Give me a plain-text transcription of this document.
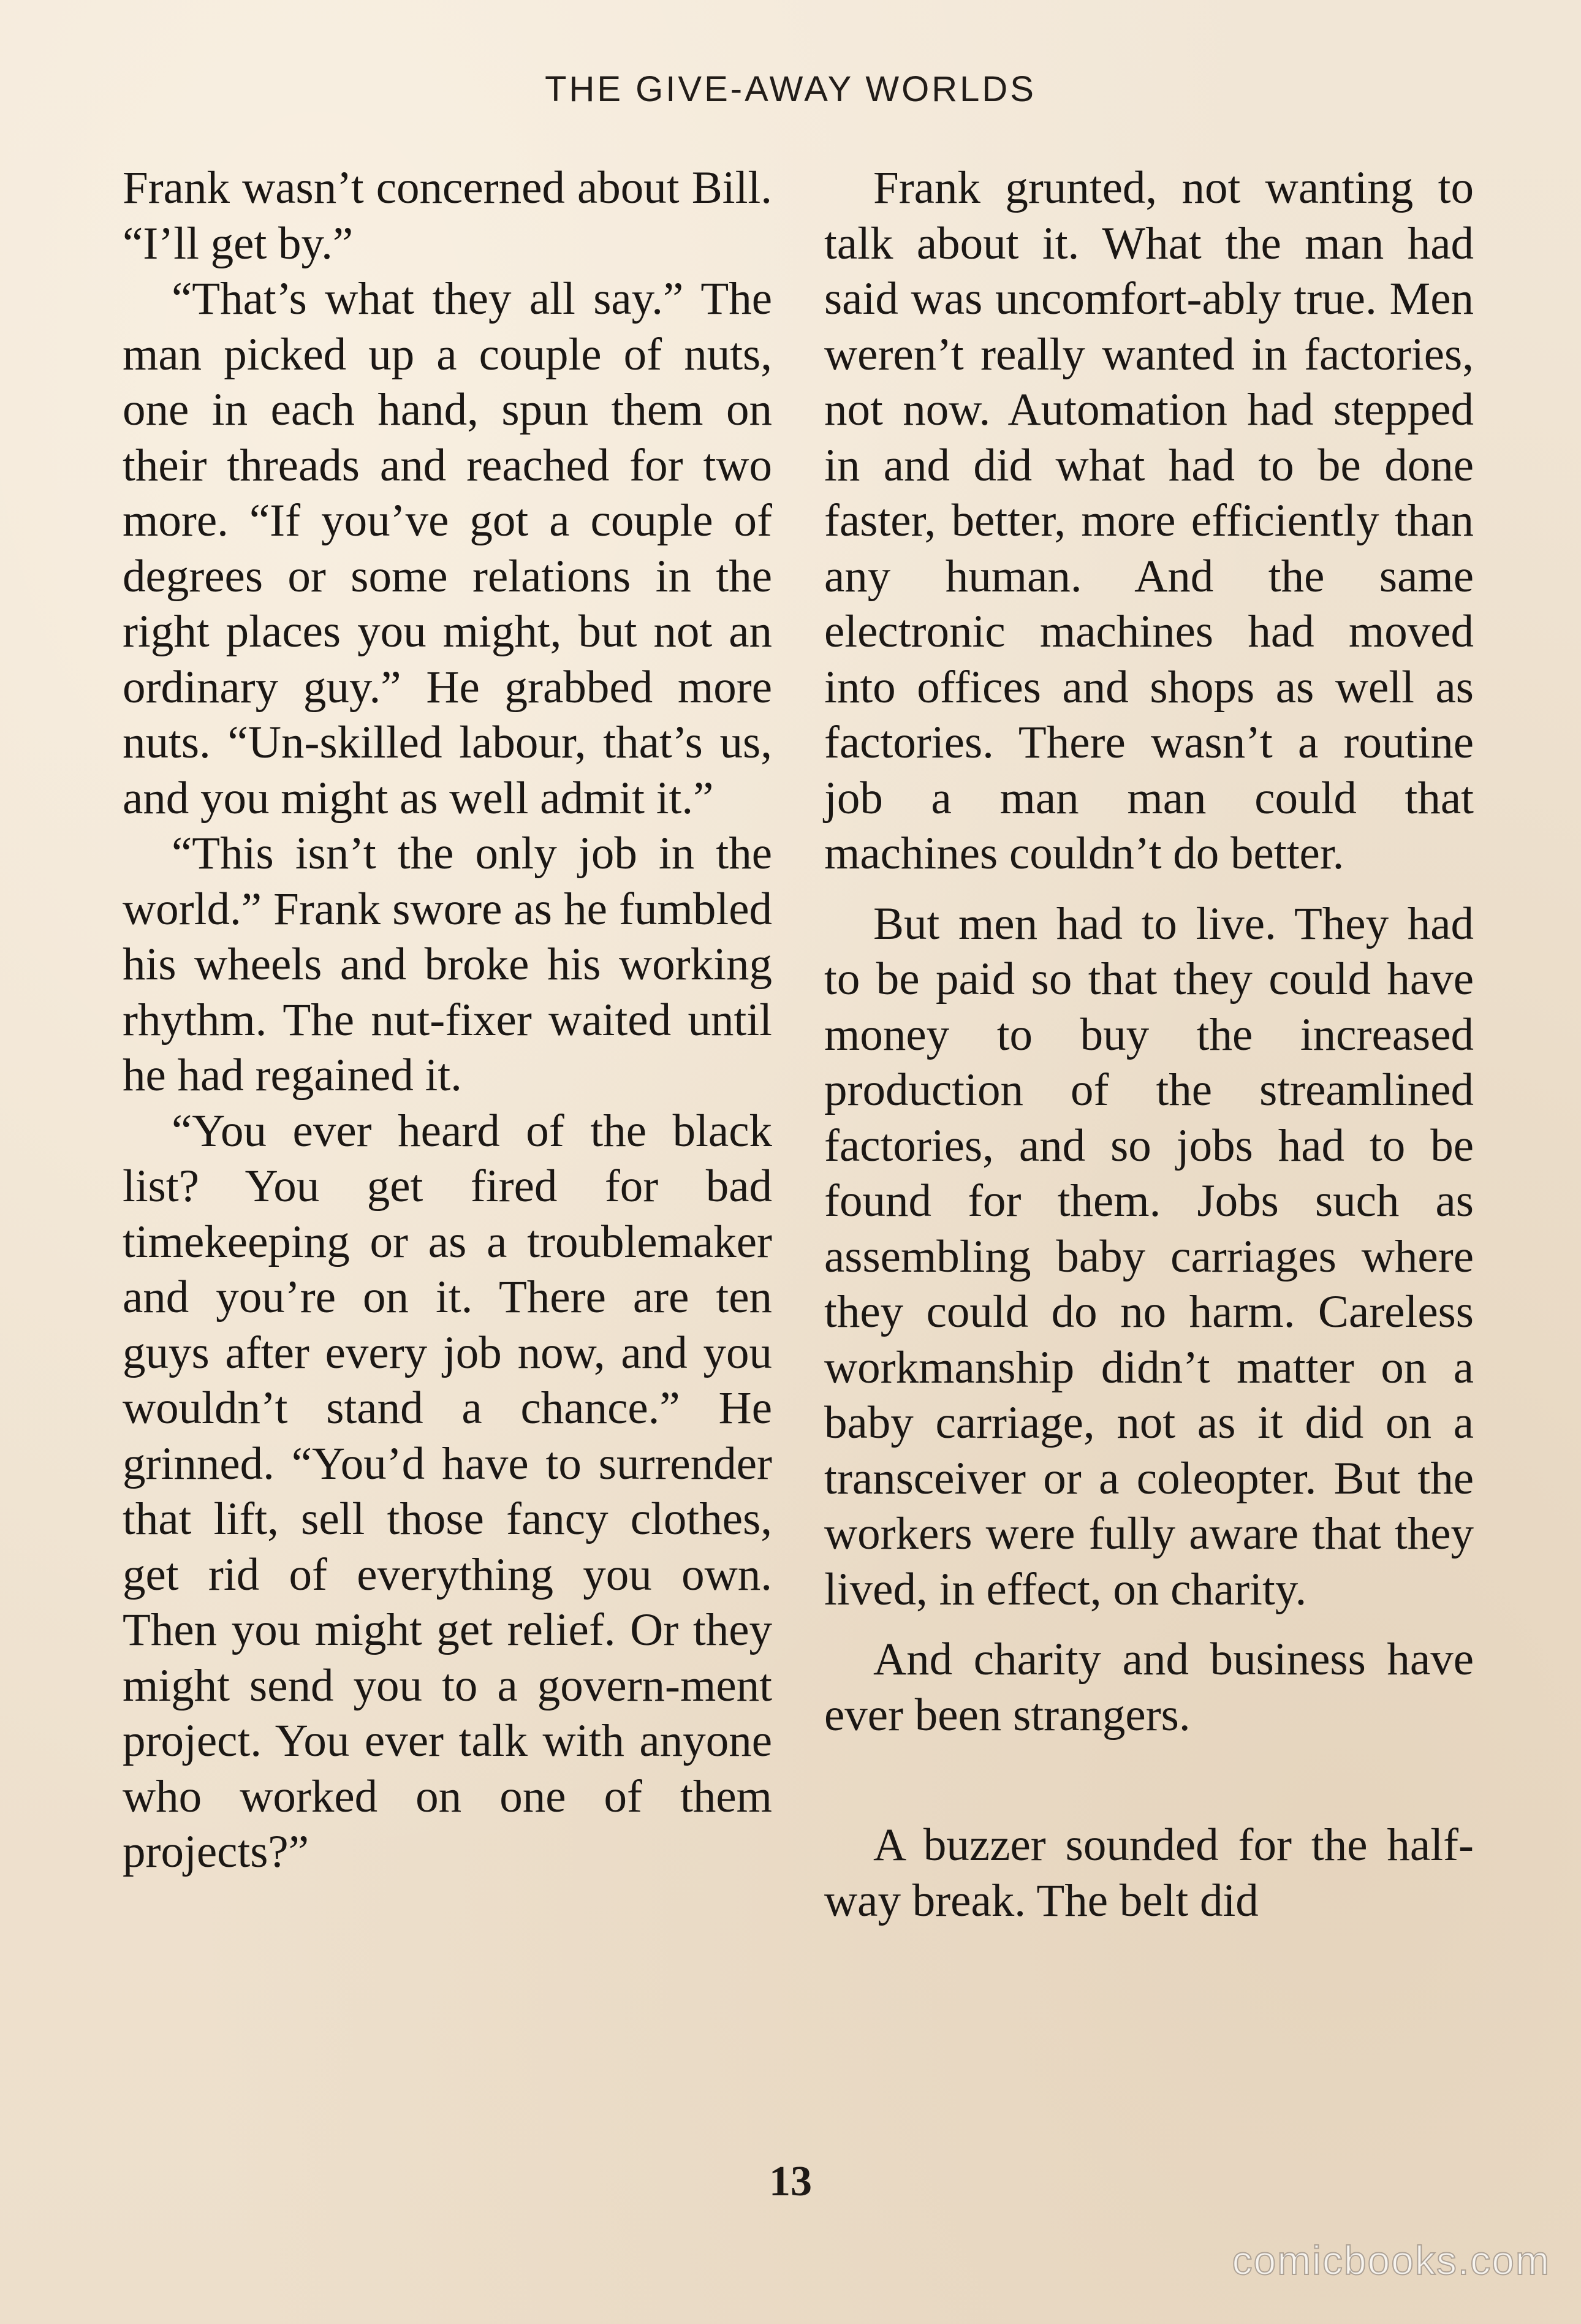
THE GIVE-AWAY WORLDS

Frank wasn’t concerned about Bill. “I’ll get by.”

“That’s what they all say.” The man picked up a couple of nuts, one in each hand, spun them on their threads and reached for two more. “If you’ve got a couple of degrees or some relations in the right places you might, but not an ordinary guy.” He grabbed more nuts. “Un-skilled labour, that’s us, and you might as well admit it.”

“This isn’t the only job in the world.” Frank swore as he fumbled his wheels and broke his working rhythm. The nut-fixer waited until he had regained it.

“You ever heard of the black list? You get fired for bad timekeeping or as a troublemaker and you’re on it. There are ten guys after every job now, and you wouldn’t stand a chance.” He grinned. “You’d have to surrender that lift, sell those fancy clothes, get rid of everything you own. Then you might get relief. Or they might send you to a govern-ment project. You ever talk with anyone who worked on one of them projects?”

Frank grunted, not wanting to talk about it. What the man had said was uncomfort-ably true. Men weren’t really wanted in factories, not now. Automation had stepped in and did what had to be done faster, better, more efficiently than any human. And the same electronic machines had moved into offices and shops as well as factories. There wasn’t a routine job a man man could that machines couldn’t do better.

But men had to live. They had to be paid so that they could have money to buy the increased production of the streamlined factories, and so jobs had to be found for them. Jobs such as assembling baby carriages where they could do no harm. Careless workmanship didn’t matter on a baby carriage, not as it did on a transceiver or a coleopter. But the workers were fully aware that they lived, in effect, on charity.

And charity and business have ever been strangers.

A buzzer sounded for the half-way break. The belt did

13
comicbooks.com
